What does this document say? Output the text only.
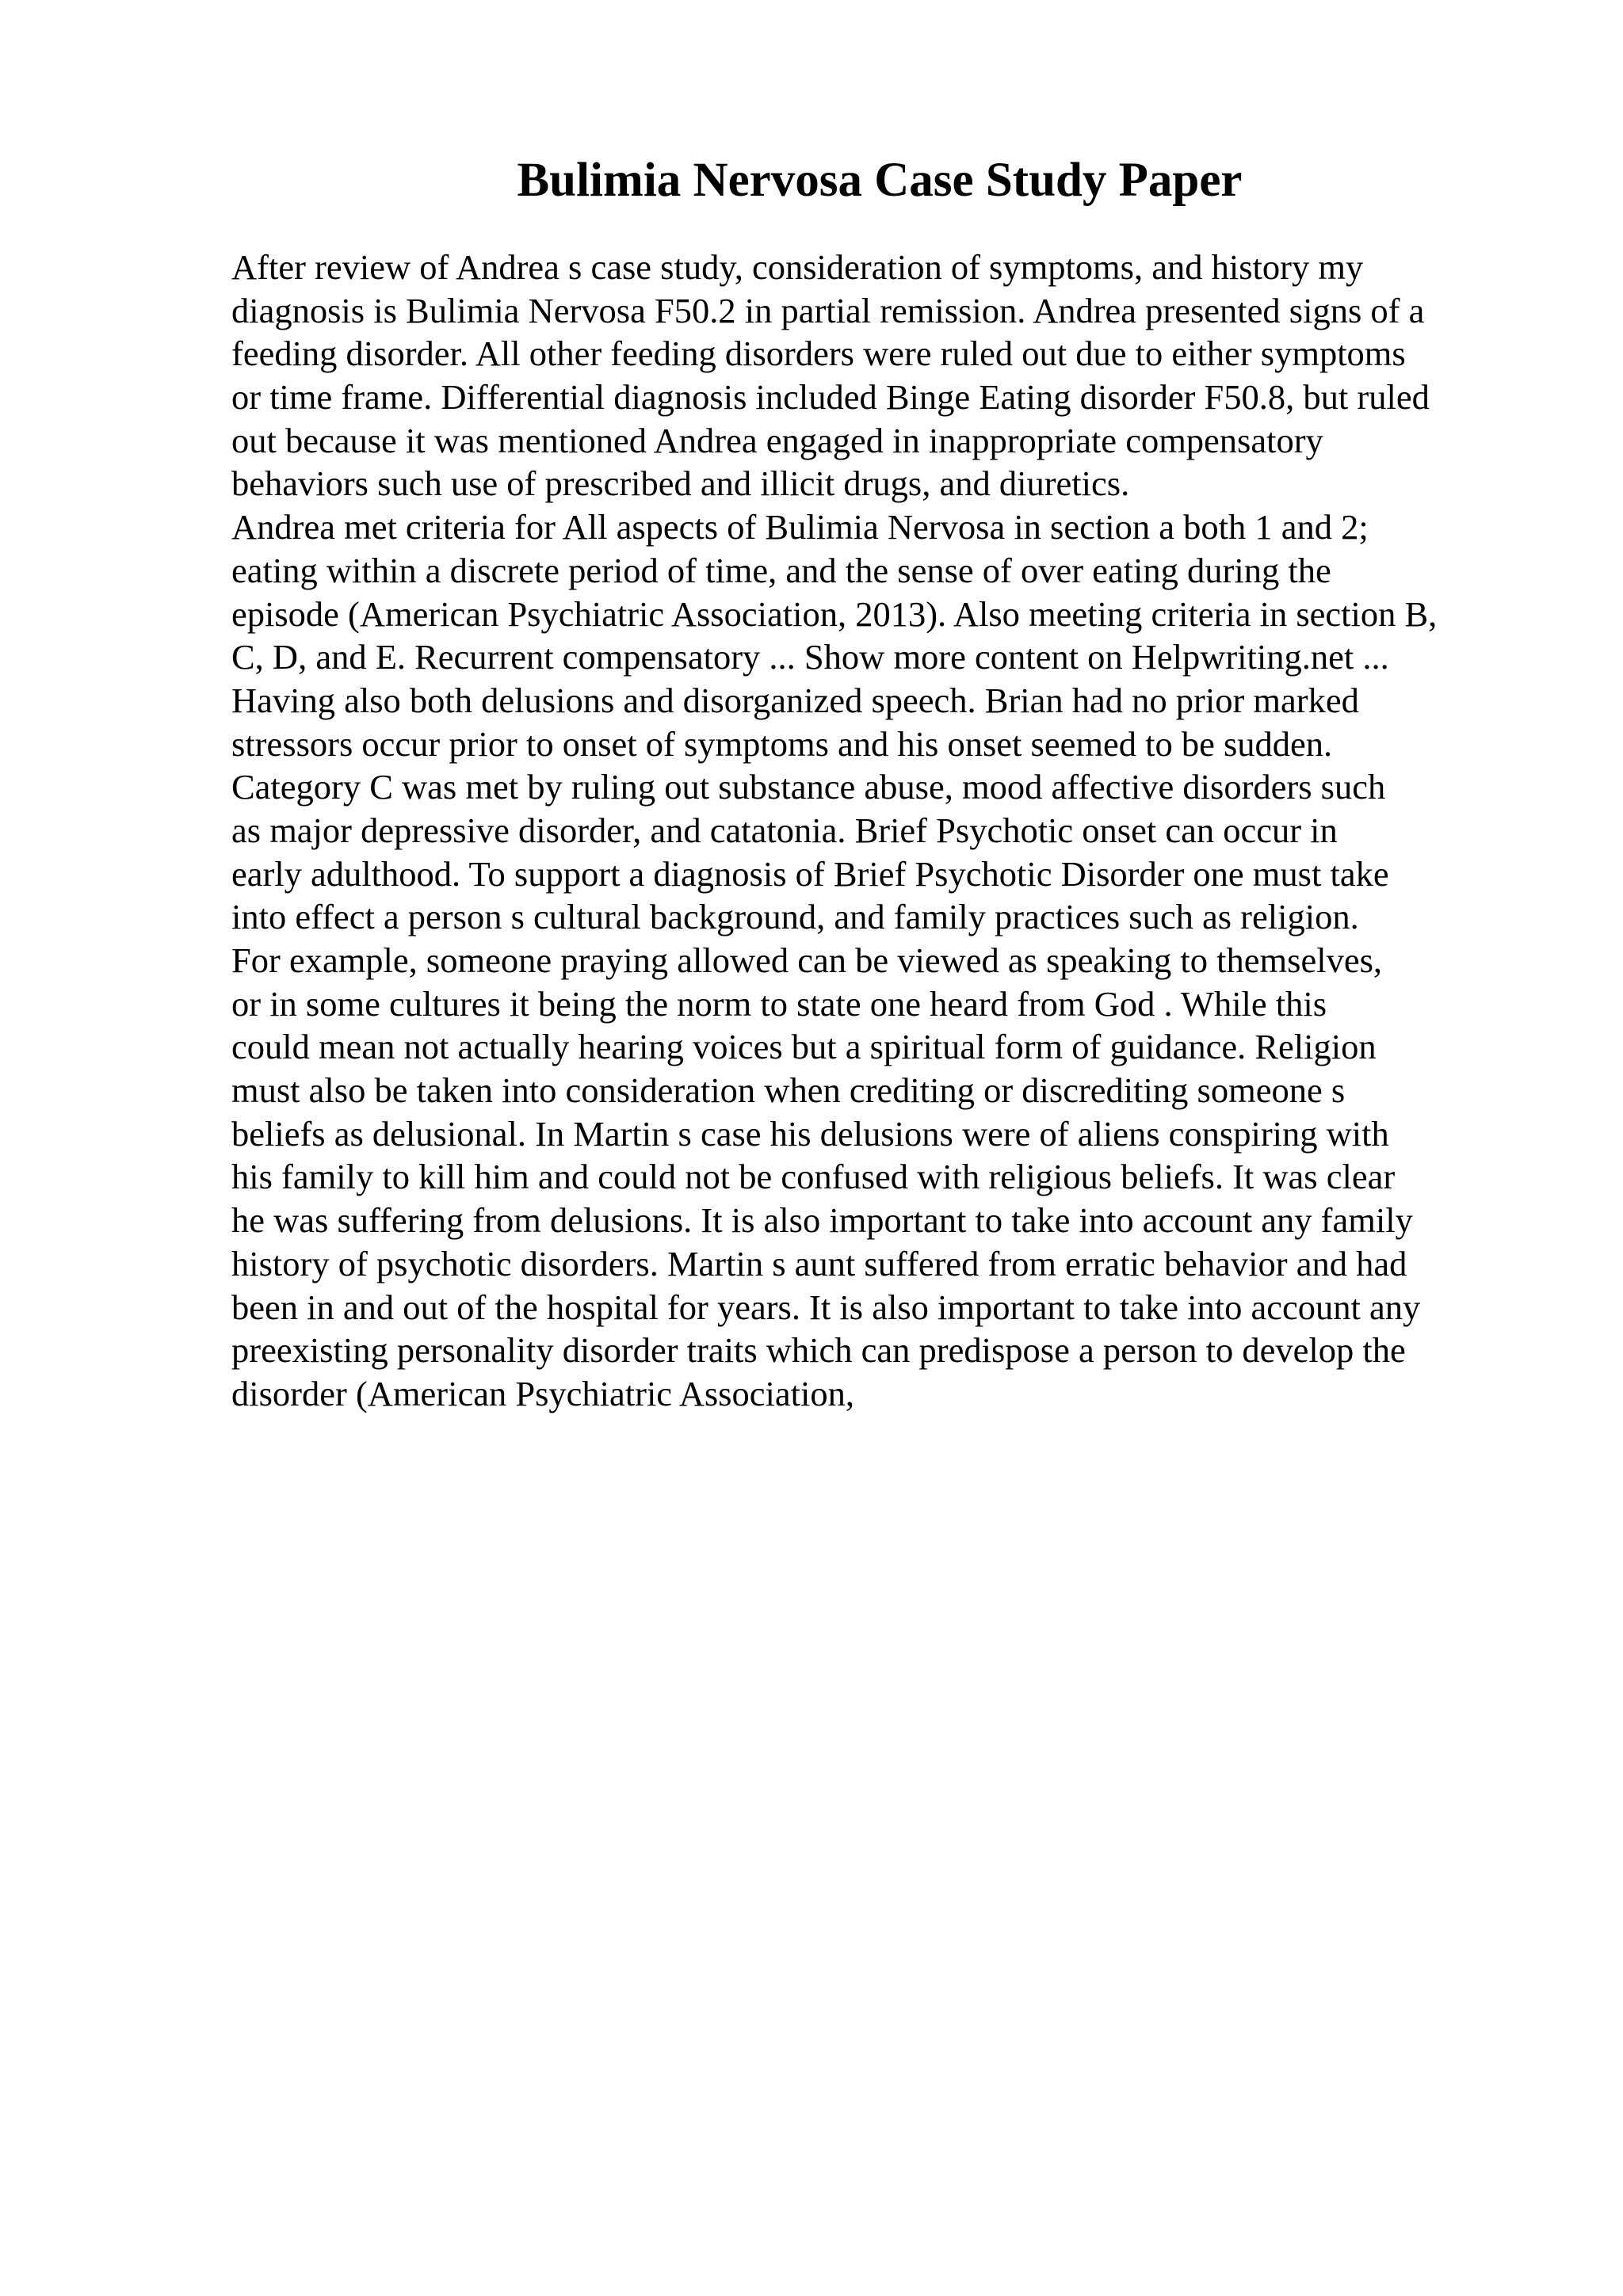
Bulimia Nervosa Case Study Paper
After review of Andrea s case study, consideration of symptoms, and history my
diagnosis is Bulimia Nervosa F50.2 in partial remission. Andrea presented signs of a
feeding disorder. All other feeding disorders were ruled out due to either symptoms
or time frame. Differential diagnosis included Binge Eating disorder F50.8, but ruled
out because it was mentioned Andrea engaged in inappropriate compensatory
behaviors such use of prescribed and illicit drugs, and diuretics.
Andrea met criteria for All aspects of Bulimia Nervosa in section a both 1 and 2;
eating within a discrete period of time, and the sense of over eating during the
episode (American Psychiatric Association, 2013). Also meeting criteria in section B,
C, D, and E. Recurrent compensatory ... Show more content on Helpwriting.net ...
Having also both delusions and disorganized speech. Brian had no prior marked
stressors occur prior to onset of symptoms and his onset seemed to be sudden.
Category C was met by ruling out substance abuse, mood affective disorders such
as major depressive disorder, and catatonia. Brief Psychotic onset can occur in
early adulthood. To support a diagnosis of Brief Psychotic Disorder one must take
into effect a person s cultural background, and family practices such as religion.
For example, someone praying allowed can be viewed as speaking to themselves,
or in some cultures it being the norm to state one heard from God . While this
could mean not actually hearing voices but a spiritual form of guidance. Religion
must also be taken into consideration when crediting or discrediting someone s
beliefs as delusional. In Martin s case his delusions were of aliens conspiring with
his family to kill him and could not be confused with religious beliefs. It was clear
he was suffering from delusions. It is also important to take into account any family
history of psychotic disorders. Martin s aunt suffered from erratic behavior and had
been in and out of the hospital for years. It is also important to take into account any
preexisting personality disorder traits which can predispose a person to develop the
disorder (American Psychiatric Association,
